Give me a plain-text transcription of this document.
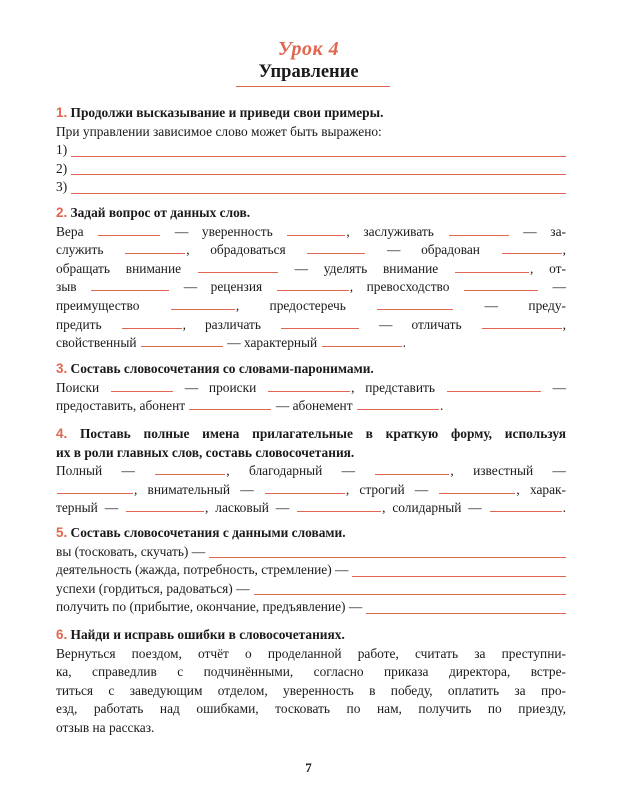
Урок 4
Управление

1. Продолжи высказывание и приведи свои примеры.

При управлении зависимое слово может быть выражено:

1)
2)
3)

2. Задай вопрос от данных слов.

Вера	— уверенность	, заслуживать	— за-
служить	, обрадоваться	— обрадован	,
обращать внимание	— уделять внимание	, от-
зыв	— рецензия	, превосходство	—
преимущество	, предостеречь	— преду-
предить	, различать	— отличать	,

свойственный	— характерный	.

3. Составь словосочетания со словами-паронимами.

Поиски	— происки	, представить	—

предоставить, абонент	— абонемент	.

4. Поставь полные имена прилагательные в краткую форму, используя

их в роли главных слов, составь словосочетания.

Полный —	, благодарный —	, известный —
, внимательный —	, строгий —	, харак-
терный —	, ласковый —	, солидарный —	.

5. Составь словосочетания с данными словами.

вы (тосковать, скучать) —
деятельность (жажда, потребность, стремление) —
успехи (гордиться, радоваться) —
получить по (прибытие, окончание, предъявление) —

6. Найди и исправь ошибки в словосочетаниях.

Вернуться поездом, отчёт о проделанной работе, считать за преступни-
ка, справедлив с подчинёнными, согласно приказа директора, встре-
титься с заведующим отделом, уверенность в победу, оплатить за про-
езд, работать над ошибками, тосковать по нам, получить по приезду,

отзыв на рассказ.

7
